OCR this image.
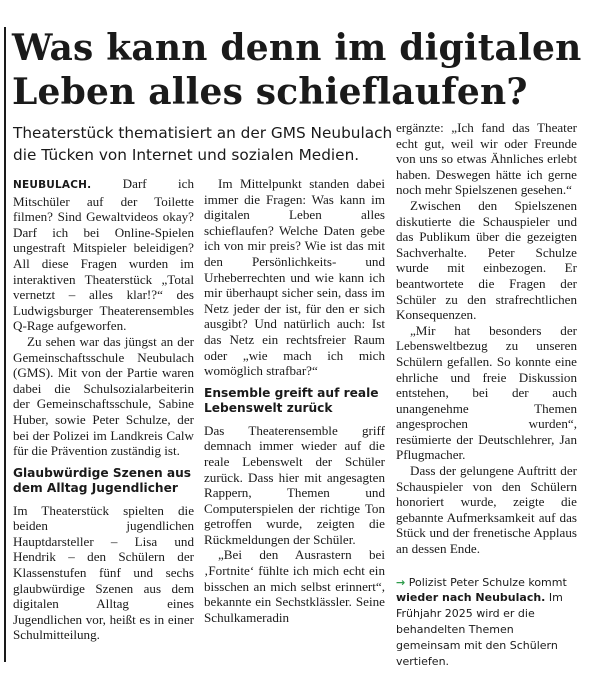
Was kann denn im digitalen Leben alles schieflaufen?

Theaterstück thematisiert an der GMS Neubulach die Tücken von Internet und sozialen Medien.

NEUBULACH. Darf ich Mitschüler auf der Toilette filmen? Sind Gewaltvideos okay? Darf ich bei Online-Spielen ungestraft Mitspieler beleidigen? All diese Fragen wurden im interaktiven Theaterstück „Total vernetzt – alles klar!?“ des Ludwigsburger Theaterensembles Q-Rage aufgeworfen.

Zu sehen war das jüngst an der Gemeinschaftsschule Neubulach (GMS). Mit von der Partie waren dabei die Schulsozialarbeiterin der Gemeinschaftsschule, Sabine Huber, sowie Peter Schulze, der bei der Polizei im Landkreis Calw für die Prävention zuständig ist.

Glaubwürdige Szenen aus dem Alltag Jugendlicher

Im Theaterstück spielten die beiden jugendlichen Hauptdarsteller – Lisa und Hendrik – den Schülern der Klassenstufen fünf und sechs glaubwürdige Szenen aus dem digitalen Alltag eines Jugendlichen vor, heißt es in einer Schulmitteilung.

Im Mittelpunkt standen dabei immer die Fragen: Was kann im digitalen Leben alles schieflaufen? Welche Daten gebe ich von mir preis? Wie ist das mit den Persönlichkeits- und Urheberrechten und wie kann ich mir überhaupt sicher sein, dass im Netz jeder der ist, für den er sich ausgibt? Und natürlich auch: Ist das Netz ein rechtsfreier Raum oder „wie mach ich mich womöglich strafbar?“

Ensemble greift auf reale Lebenswelt zurück

Das Theaterensemble griff demnach immer wieder auf die reale Lebenswelt der Schüler zurück. Dass hier mit angesagten Rappern, Themen und Computerspielen der richtige Ton getroffen wurde, zeigten die Rückmeldungen der Schüler.

„Bei den Ausrastern bei ‚Fortnite‘ fühlte ich mich echt ein bisschen an mich selbst erinnert“, bekannte ein Sechstklässler. Seine Schulkameradin

ergänzte: „Ich fand das Theater echt gut, weil wir oder Freunde von uns so etwas Ähnliches erlebt haben. Deswegen hätte ich gerne noch mehr Spielszenen gesehen.“

Zwischen den Spielszenen diskutierte die Schauspieler und das Publikum über die gezeigten Sachverhalte. Peter Schulze wurde mit einbezogen. Er beantwortete die Fragen der Schüler zu den strafrechtlichen Konsequenzen.

„Mir hat besonders der Lebensweltbezug zu unseren Schülern gefallen. So konnte eine ehrliche und freie Diskussion entstehen, bei der auch unangenehme Themen angesprochen wurden“, resümierte der Deutschlehrer, Jan Pflugmacher.

Dass der gelungene Auftritt der Schauspieler von den Schülern honoriert wurde, zeigte die gebannte Aufmerksamkeit auf das Stück und der frenetische Applaus an dessen Ende.

→ Polizist Peter Schulze kommt wieder nach Neubulach. Im Frühjahr 2025 wird er die behandelten Themen gemeinsam mit den Schülern vertiefen.
